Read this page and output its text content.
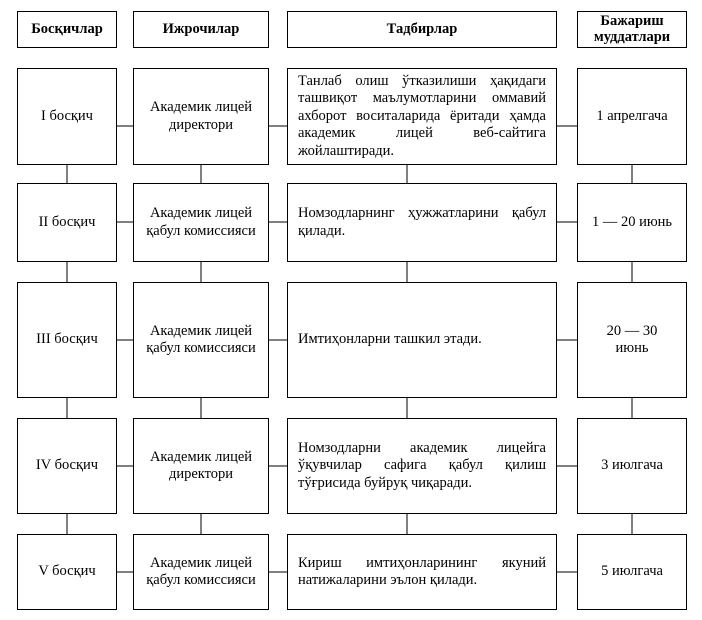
Босқичлар	Ижрочилар	Тадбирлар
Бажариш муддатлари
I босқич
Академик лицей директори
Танлаб олиш ўтказилиши ҳақидаги ташвиқот маълумотларини оммавий ахборот воситаларида ёритади ҳамда академик лицей веб-сайтига жойлаштиради.
1 апрелгача
II босқич
Академик лицей қабул комиссияси
Номзодларнинг ҳужжатларини қабул қилади.
1 — 20 июнь
III босқич
Академик лицей қабул комиссияси
Имтиҳонларни ташкил этади.
20 — 30 июнь
IV босқич
Академик лицей директори
Номзодларни академик лицейга ўқувчилар сафига қабул қилиш тўғрисида буйруқ чиқаради.
3 июлгача
V босқич
Академик лицей қабул комиссияси
Кириш имтиҳонларининг якуний натижаларини эълон қилади.
5 июлгача
